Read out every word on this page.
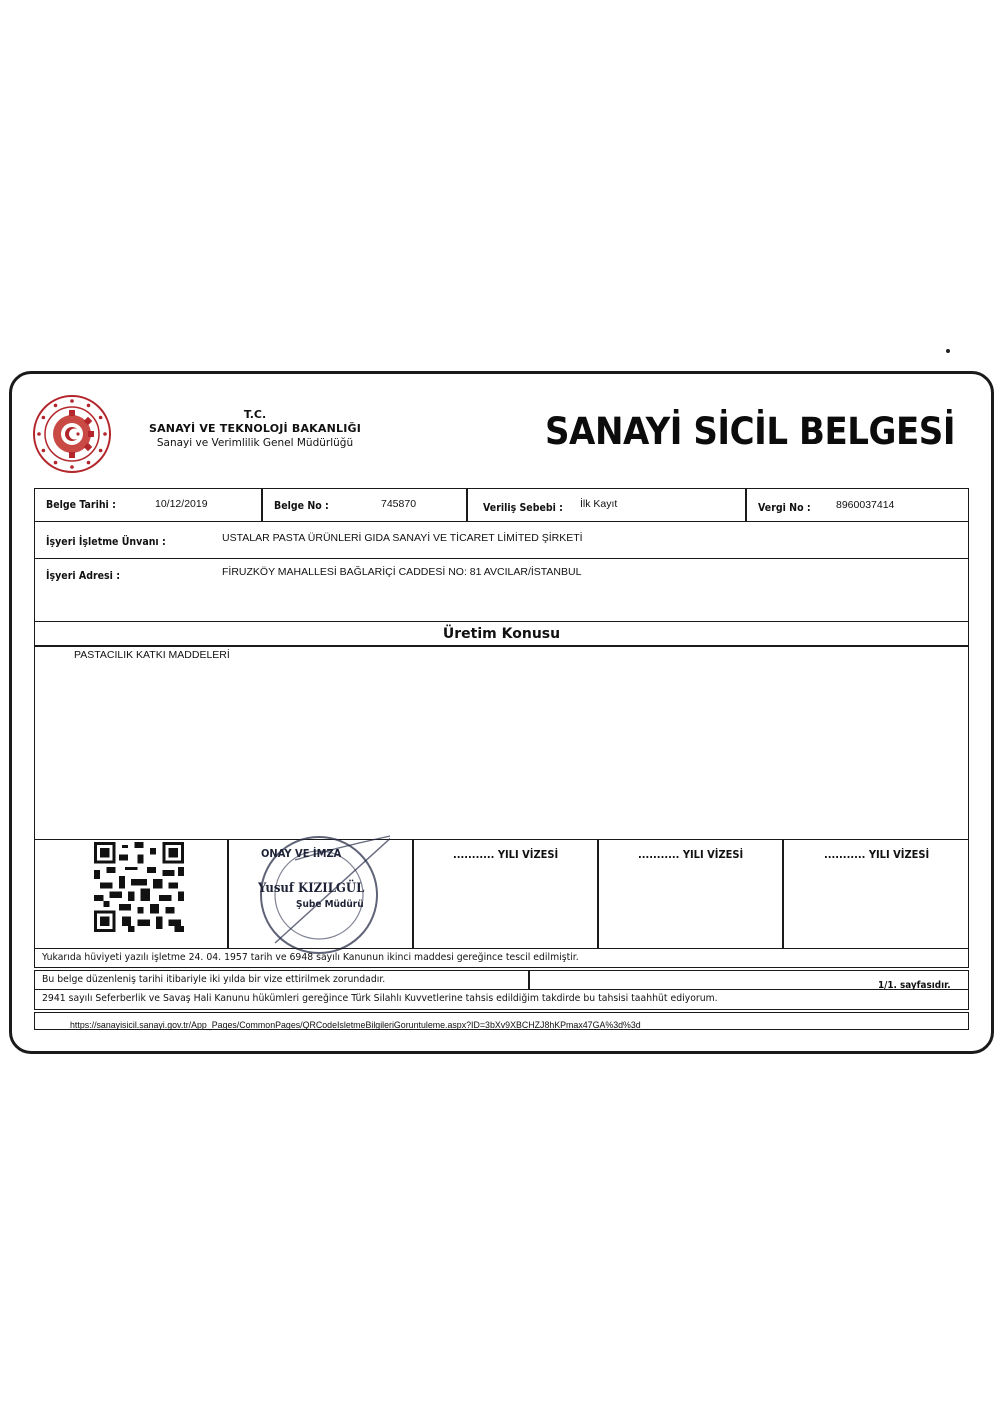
T.C.
SANAYİ VE TEKNOLOJİ BAKANLIĞI
Sanayi ve Verimlilik Genel Müdürlüğü	SANAYİ SİCİL BELGESİ
Belge Tarihi :	10/12/2019	Belge No :	745870	Veriliş Sebebi : İlk Kayıt	Vergi No : 8960037414
İşyeri İşletme Ünvanı :	USTALAR PASTA ÜRÜNLERİ GIDA SANAYİ VE TİCARET LİMİTED ŞİRKETİ
İşyeri Adresi :	FİRUZKÖY MAHALLESİ BAĞLARİÇİ CADDESİ NO: 81 AVCILAR/İSTANBUL
Üretim Konusu
PASTACILIK KATKI MADDELERİ
ONAY VE İMZA
Yusuf KIZILGÜL
Şube Müdürü
........... YILI VİZESİ	........... YILI VİZESİ	........... YILI VİZESİ
Yukarıda hüviyeti yazılı işletme 24. 04. 1957 tarih ve 6948 sayılı Kanunun ikinci maddesi gereğince tescil edilmiştir.
Bu belge düzenleniş tarihi itibariyle iki yılda bir vize ettirilmek zorundadır.
1/1. sayfasıdır.
2941 sayılı Seferberlik ve Savaş Hali Kanunu hükümleri gereğince Türk Silahlı Kuvvetlerine tahsis edildiğim takdirde bu tahsisi taahhüt ediyorum.
https://sanayisicil.sanayi.gov.tr/App_Pages/CommonPages/QRCodeIsletmeBilgileriGoruntuleme.aspx?ID=3bXv9XBCHZJ8hKPmax47GA%3d%3d
